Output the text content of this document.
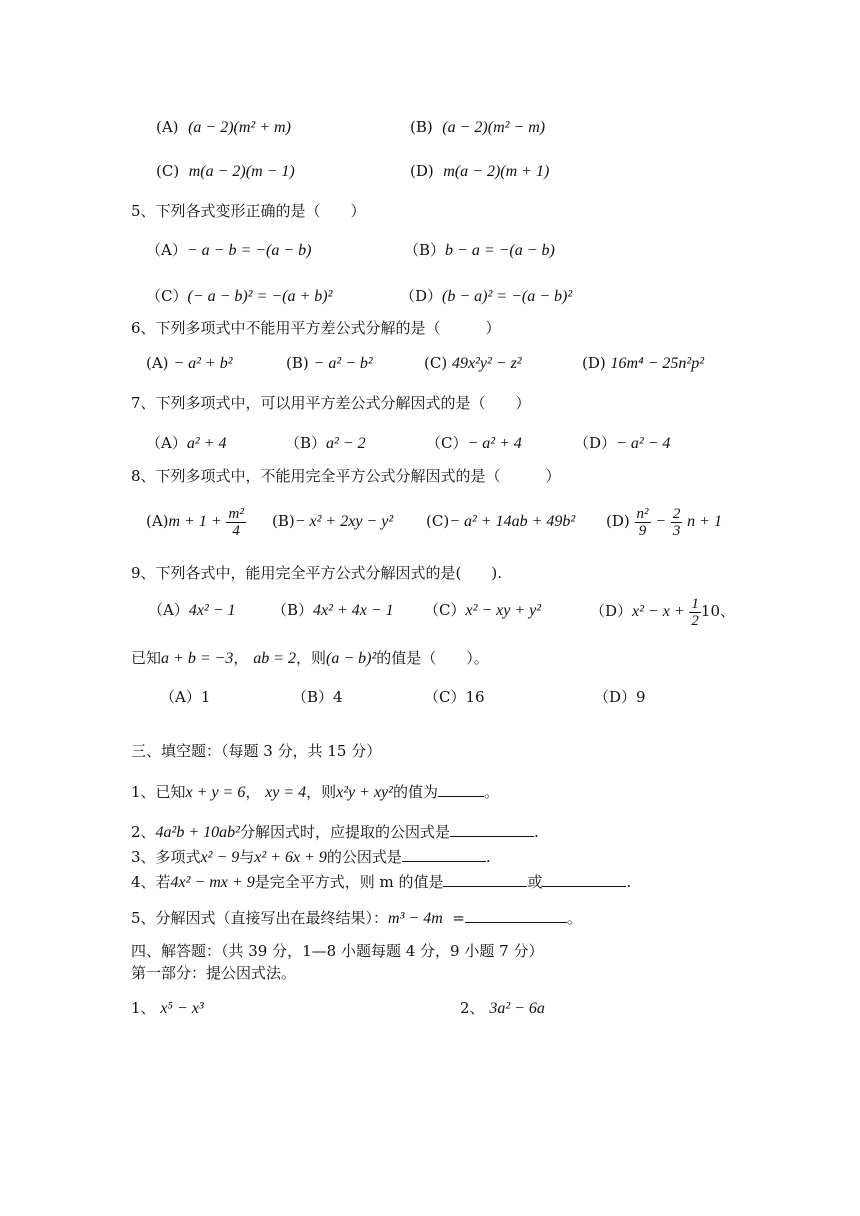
(A) (a − 2)(m² + m)	(B) (a − 2)(m² − m)
(C) m(a − 2)(m − 1)	(D) m(a − 2)(m + 1)
5、下列各式变形正确的是（　　）
（A）− a − b = −(a − b)	（B）b − a = −(a − b)
（C）(− a − b)² = −(a + b)²	（D）(b − a)² = −(a − b)²
6、下列多项式中不能用平方差公式分解的是（　　　）
(A) − a² + b²	(B) − a² − b²	(C) 49x²y² − z²	(D) 16m⁴ − 25n²p²
7、下列多项式中，可以用平方差公式分解因式的是（　　）
（A）a² + 4	（B）a² − 2	（C）− a² + 4	（D）− a² − 4
8、下列多项式中，不能用完全平方公式分解因式的是（　　　）
$(A)m + 1 + \frac{\text{m²}}{4} (B)- x^2 + 2xy - y^2$ (C)− a² + 14ab + 49b² $(D) \frac{\text{n²}}{9} - \frac{2}{3}$ n + 1
9、下列各式中，能用完全平方公式分解因式的是(　　).
（A）4x² − 1 （B）4x² + 4x − 1 （C）x² − xy + y²	$(D)x^2 - x + \frac{1}{2} 10$、
已知a + b = −3， ab = 2，则(a − b)²的值是（　　）。
（A）1	（B）4	（C）16	（D）9
三、填空题：（每题 3 分，共 15 分）
1、已知x + y = 6， xy = 4，则x²y + xy²的值为	。
2、4a²b + 10ab²分解因式时，应提取的公因式是	.
3、多项式x² − 9与x² + 6x + 9的公因式是	.
4、若4x² − mx + 9是完全平方式，则 m 的值是	或	.
5、分解因式（直接写出在最终结果）：m³ − 4m =	。
四、解答题：（共 39 分，1—8 小题每题 4 分，9 小题 7 分）
第一部分：提公因式法。
1、 x⁵ − x³	2、 3a² − 6a
